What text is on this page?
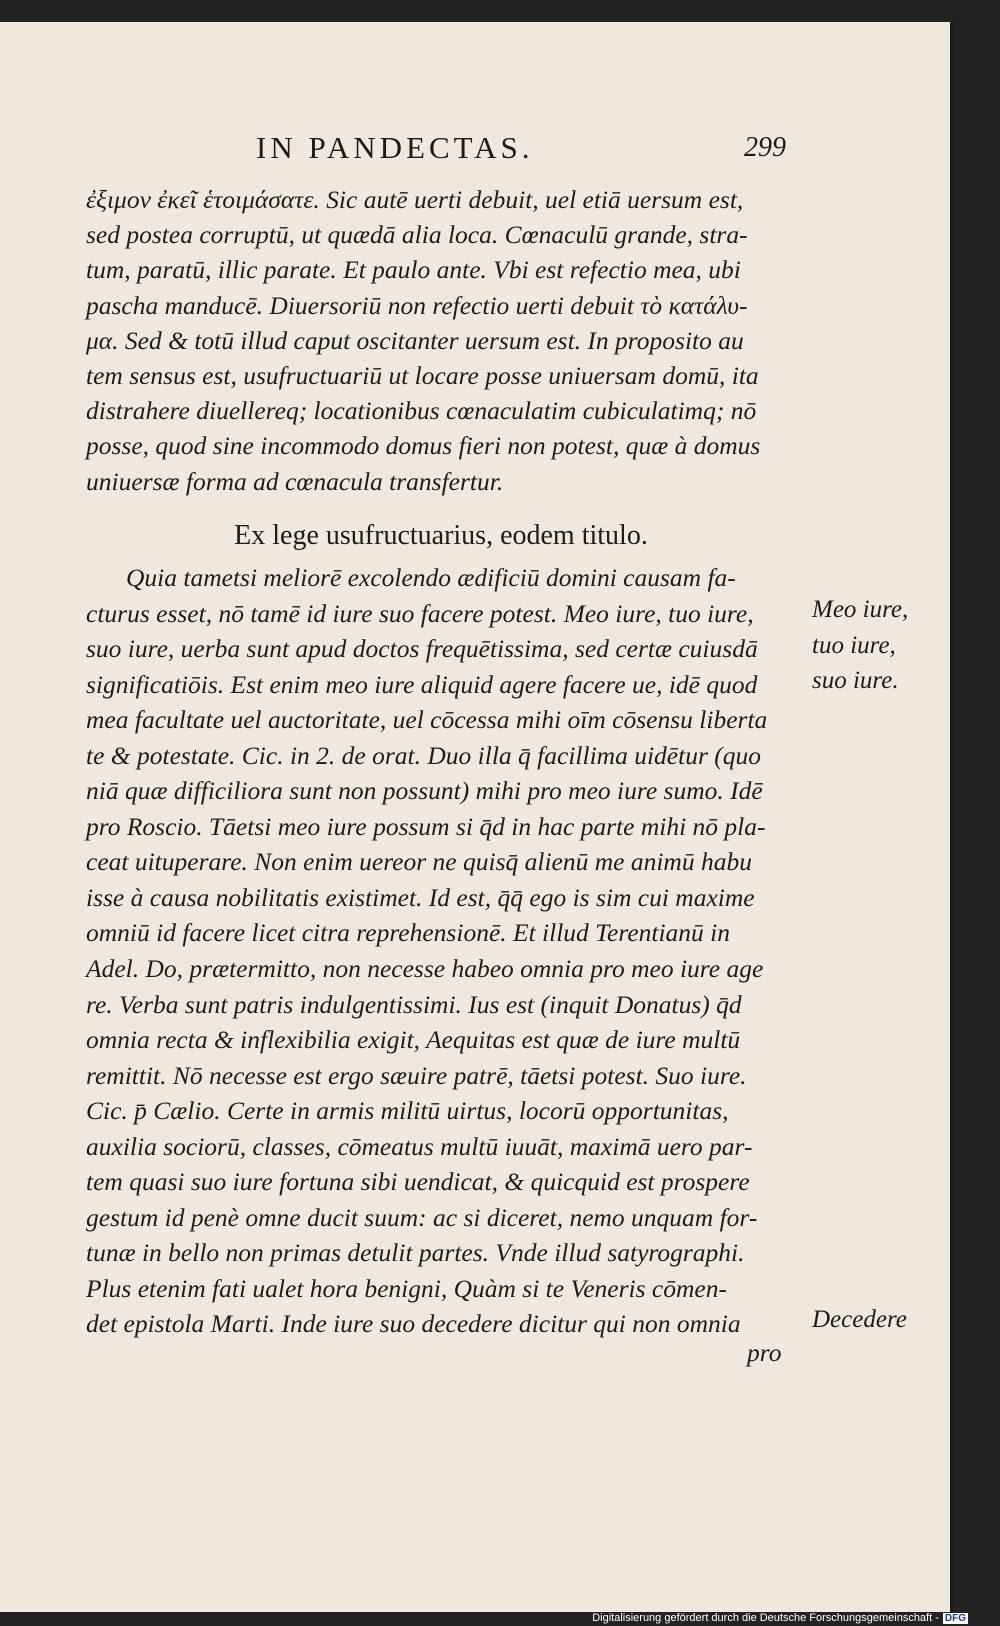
IN PANDECTAS.	299
ἐξιμον ἐκεῖ ἑτοιμάσατε. Sic autē uerti debuit, uel etiā uersum est,
sed postea corruptū, ut quædā alia loca. Cœnaculū grande, stra-
tum, paratū, illic parate. Et paulo ante. Vbi est refectio mea, ubi
pascha manducē. Diuersoriū non refectio uerti debuit τὸ κατάλυ-
μα. Sed & totū illud caput oscitanter uersum est. In proposito au
tem sensus est, usufructuariū ut locare posse uniuersam domū, ita
distrahere diuellereq; locationibus cœnaculatim cubiculatimq; nō
posse, quod sine incommodo domus fieri non potest, quæ à domus
uniuersæ forma ad cœnacula transfertur.
Ex lege usufructuarius, eodem titulo.
Quia tametsi meliorē excolendo ædificiū domini causam fa-
cturus esset, nō tamē id iure suo facere potest. Meo iure, tuo iure,
suo iure, uerba sunt apud doctos frequētissima, sed certæ cuiusdā
significatiōis. Est enim meo iure aliquid agere facere ue, idē quod
mea facultate uel auctoritate, uel cōcessa mihi oīm cōsensu liberta
te & potestate. Cic. in 2. de orat. Duo illa q̄ facillima uidētur (quo
niā quæ difficiliora sunt non possunt) mihi pro meo iure sumo. Idē
pro Roscio. Tāetsi meo iure possum si q̄d in hac parte mihi nō pla-
ceat uituperare. Non enim uereor ne quisq̄ alienū me animū habu
isse à causa nobilitatis existimet. Id est, q̄q̄ ego is sim cui maxime
omniū id facere licet citra reprehensionē. Et illud Terentianū in
Adel. Do, prætermitto, non necesse habeo omnia pro meo iure age
re. Verba sunt patris indulgentissimi. Ius est (inquit Donatus) q̄d
omnia recta & inflexibilia exigit, Aequitas est quæ de iure multū
remittit. Nō necesse est ergo sæuire patrē, tāetsi potest. Suo iure.
Cic. p̄ Cælio. Certe in armis militū uirtus, locorū opportunitas,
auxilia sociorū, classes, cōmeatus multū iuuāt, maximā uero par-
tem quasi suo iure fortuna sibi uendicat, & quicquid est prospere
gestum id penè omne ducit suum: ac si diceret, nemo unquam for-
tunæ in bello non primas detulit partes. Vnde illud satyrographi.
Plus etenim fati ualet hora benigni, Quàm si te Veneris cōmen-
det epistola Marti. Inde iure suo decedere dicitur qui non omnia
Meo iure,
tuo iure,
suo iure.
Decedere
pro
Digitalisierung gefördert durch die Deutsche Forschungsgemeinschaft - DFG
